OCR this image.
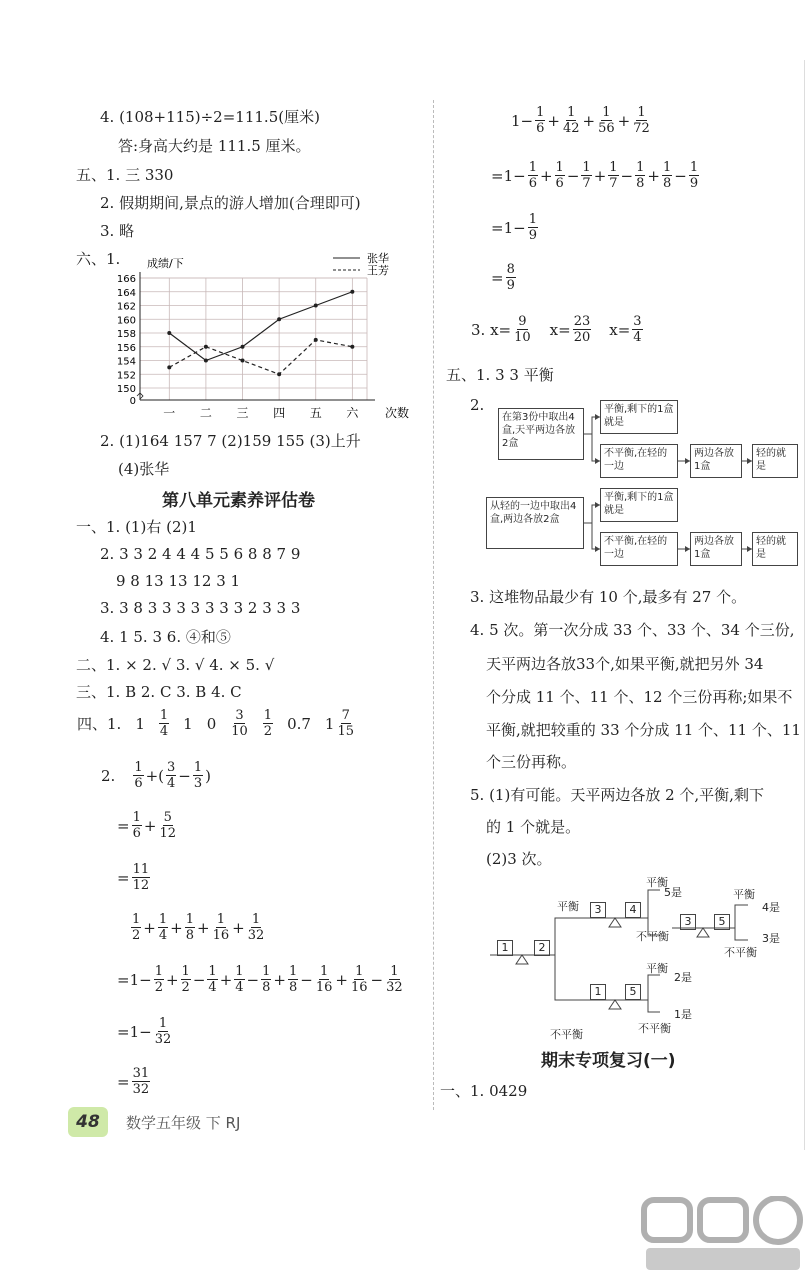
4. (108+115)÷2=111.5(厘米)
答:身高大约是 111.5 厘米。
五、1. 三 330
2. 假期期间,景点的游人增加(合理即可)
3. 略
六、1. 成绩/下
次数
张华
王芳
150
152
154
156
158
160
162
164
166
0
一 二 三 四 五 六
2. (1)164 157 7 (2)159 155 (3)上升
(4)张华
第八单元素养评估卷
一、1. (1)右 (2)1
2. 3 3 2 4 4 4 5 5 6 8 8 7 9
9 8 13 13 12 3 1
3. 3 8 3 3 3 3 3 3 3 2 3 3 3
4. 1 5. 3 6. ④和⑤
二、1. × 2. √ 3. √ 4. × 5. √
三、1. B 2. C 3. B 4. C
四、1. $1 \frac{1}{4} 1$ $0 \frac{3}{10} \frac{1}{2} 0.7$ $1 \frac{7}{15}$
2. $\frac{1}{6}$ +( $\frac{3}{4} - \frac{1}{3}$ )
= $\frac{1}{6} + \frac{5}{12}$
= $\frac{11}{12}$
$\frac{1}{2} + \frac{1}{4} + \frac{1}{8} + \frac{1}{16} + \frac{1}{32}$
$=1- \frac{1}{2} + \frac{1}{2} - \frac{1}{4} + \frac{1}{4} - \frac{1}{8} + \frac{1}{8} - \frac{1}{16} + \frac{1}{16} - \frac{1}{32}$
$=1- \frac{1}{32}$
= $\frac{31}{32}$
$1- \frac{1}{6} + \frac{1}{42} + \frac{1}{56} + \frac{1}{72}$
$=1- \frac{1}{6} + \frac{1}{6} - \frac{1}{7} + \frac{1}{7} - \frac{1}{8} + \frac{1}{8} - \frac{1}{9}$
$=1- \frac{1}{9}$
= $\frac{8}{9}$
3. $x= \frac{9}{10} x= \frac{23}{20} x= \frac{3}{4}$
五、1. 3 3 平衡
2.
在第3份中取出4盒,天平两边各放2盒
平衡,剩下的1盒就是
不平衡,在轻的一边
两边各放1盒
轻的就是
从轻的一边中取出4盒,两边各放2盒
平衡,剩下的1盒就是
不平衡,在轻的一边
两边各放1盒
轻的就是
3. 这堆物品最少有 10 个,最多有 27 个。
4. 5 次。第一次分成 33 个、33 个、34 个三份,
天平两边各放33个,如果平衡,就把另外 34
个分成 11 个、11 个、12 个三份再称;如果不
平衡,就把较重的 33 个分成 11 个、11 个、11
个三份再称。
5. (1)有可能。天平两边各放 2 个,平衡,剩下
的 1 个就是。
(2)3 次。
1	2
3	4
3	5
1	5
平衡
不平衡
平衡
5是
不平衡
平衡
4是
3是
不平衡
平衡
2是
1是
不平衡
期末专项复习(一)
一、1. 0429
48	数学五年级 下 RJ
